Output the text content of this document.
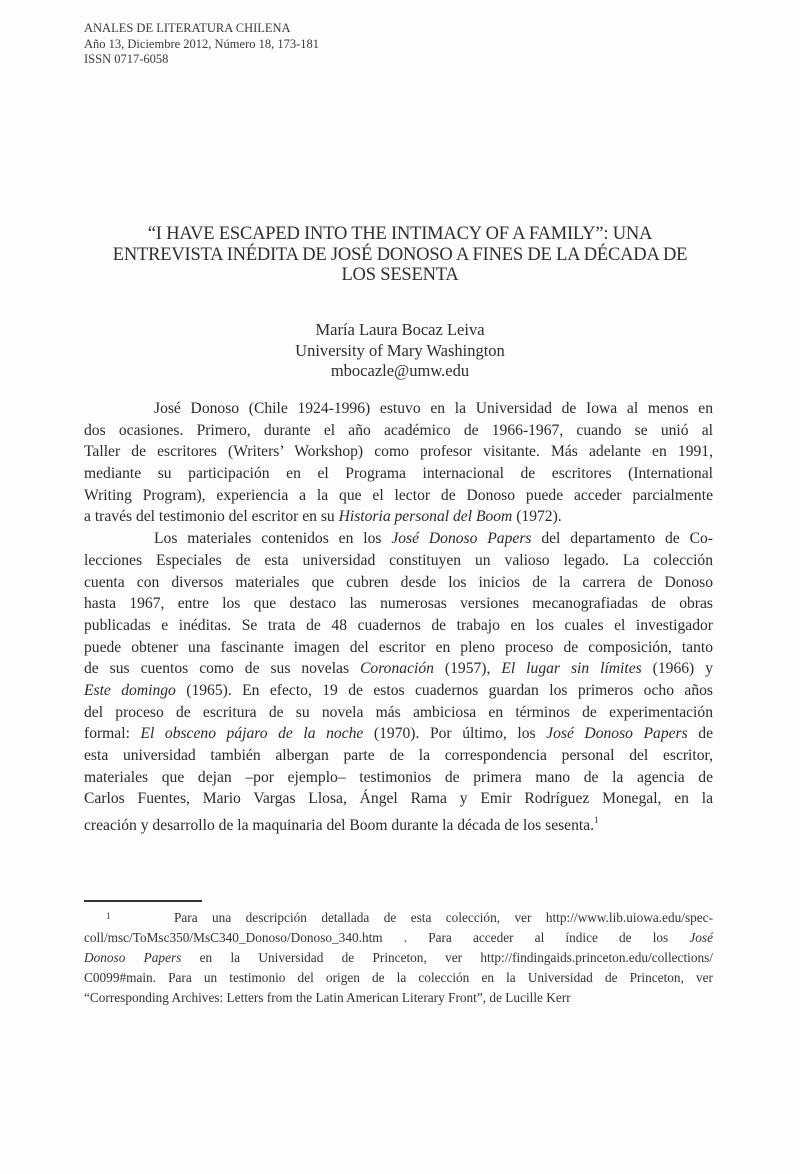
ANALES DE LITERATURA CHILENA
Año 13, Diciembre 2012, Número 18, 173-181
ISSN 0717-6058
“I HAVE ESCAPED INTO THE INTIMACY OF A FAMILY”: UNA
ENTREVISTA INÉDITA DE JOSÉ DONOSO A FINES DE LA DÉCADA DE
LOS SESENTA
María Laura Bocaz Leiva
University of Mary Washington
mbocazle@umw.edu
José Donoso (Chile 1924-1996) estuvo en la Universidad de Iowa al menos en
dos ocasiones. Primero, durante el año académico de 1966-1967, cuando se unió al
Taller de escritores (Writers’ Workshop) como profesor visitante. Más adelante en 1991,
mediante su participación en el Programa internacional de escritores (International
Writing Program), experiencia a la que el lector de Donoso puede acceder parcialmente
a través del testimonio del escritor en su Historia personal del Boom (1972).
Los materiales contenidos en los José Donoso Papers del departamento de Co-
lecciones Especiales de esta universidad constituyen un valioso legado. La colección
cuenta con diversos materiales que cubren desde los inicios de la carrera de Donoso
hasta 1967, entre los que destaco las numerosas versiones mecanografiadas de obras
publicadas e inéditas. Se trata de 48 cuadernos de trabajo en los cuales el investigador
puede obtener una fascinante imagen del escritor en pleno proceso de composición, tanto
de sus cuentos como de sus novelas Coronación (1957), El lugar sin límites (1966) y
Este domingo (1965). En efecto, 19 de estos cuadernos guardan los primeros ocho años
del proceso de escritura de su novela más ambiciosa en términos de experimentación
formal: El obsceno pájaro de la noche (1970). Por último, los José Donoso Papers de
esta universidad también albergan parte de la correspondencia personal del escritor,
materiales que dejan –por ejemplo– testimonios de primera mano de la agencia de
Carlos Fuentes, Mario Vargas Llosa, Ángel Rama y Emir Rodríguez Monegal, en la
creación y desarrollo de la maquinaria del Boom durante la década de los sesenta.$^1$
1	Para una descripción detallada de esta colección, ver http://www.lib.uiowa.edu/spec-
coll/msc/ToMsc350/MsC340_Donoso/Donoso_340.htm . Para acceder al índice de los José
Donoso Papers en la Universidad de Princeton, ver http://findingaids.princeton.edu/collections/
C0099#main. Para un testimonio del origen de la colección en la Universidad de Princeton, ver
“Corresponding Archives: Letters from the Latin American Literary Front”, de Lucille Kerr
